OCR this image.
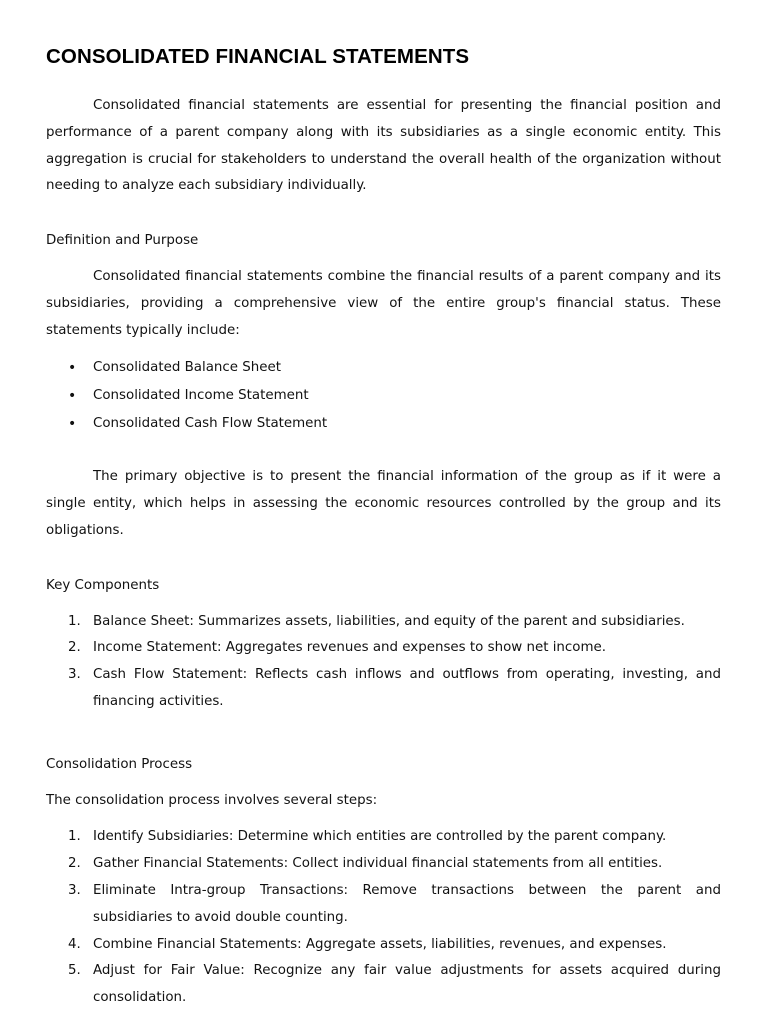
CONSOLIDATED FINANCIAL STATEMENTS

Consolidated financial statements are essential for presenting the financial position and performance of a parent company along with its subsidiaries as a single economic entity. This aggregation is crucial for stakeholders to understand the overall health of the organization without needing to analyze each subsidiary individually.

Definition and Purpose

Consolidated financial statements combine the financial results of a parent company and its subsidiaries, providing a comprehensive view of the entire group's financial status. These statements typically include:

• Consolidated Balance Sheet
• Consolidated Income Statement
• Consolidated Cash Flow Statement

The primary objective is to present the financial information of the group as if it were a single entity, which helps in assessing the economic resources controlled by the group and its obligations.

Key Components
1. Balance Sheet: Summarizes assets, liabilities, and equity of the parent and subsidiaries.
2. Income Statement: Aggregates revenues and expenses to show net income.
3. Cash Flow Statement: Reflects cash inflows and outflows from operating, investing, and financing activities.
Consolidation Process

The consolidation process involves several steps:

1. Identify Subsidiaries: Determine which entities are controlled by the parent company.
2. Gather Financial Statements: Collect individual financial statements from all entities.
3. Eliminate Intra-group Transactions: Remove transactions between the parent and subsidiaries to avoid double counting.
4. Combine Financial Statements: Aggregate assets, liabilities, revenues, and expenses.
5. Adjust for Fair Value: Recognize any fair value adjustments for assets acquired during consolidation.
